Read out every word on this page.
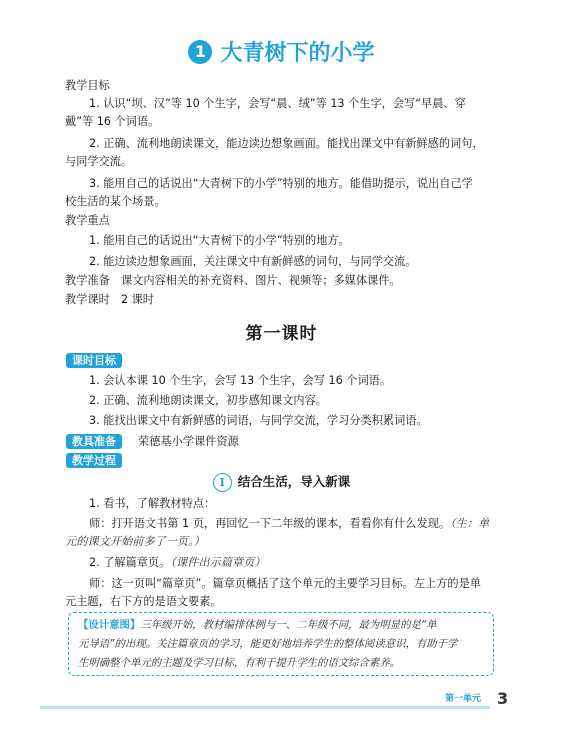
1 大青树下的小学
教学目标
1. 认识“坝、汉”等 10 个生字，会写“晨、绒”等 13 个生字，会写“早晨、穿
戴”等 16 个词语。
2. 正确、流利地朗读课文，能边读边想象画面。能找出课文中有新鲜感的词句，
与同学交流。
3. 能用自己的话说出“大青树下的小学”特别的地方。能借助提示，说出自己学
校生活的某个场景。
教学重点
1. 能用自己的话说出“大青树下的小学”特别的地方。
2. 能边读边想象画面，关注课文中有新鲜感的词句，与同学交流。
教学准备　课文内容相关的补充资料、图片、视频等；多媒体课件。
教学课时　2 课时
第一课时
课时目标
1. 会认本课 10 个生字，会写 13 个生字，会写 16 个词语。
2. 正确、流利地朗读课文，初步感知课文内容。
3. 能找出课文中有新鲜感的词语，与同学交流，学习分类积累词语。
教具准备	荣德基小学课件资源
教学过程
I 结合生活，导入新课
1. 看书，了解教材特点：
师：打开语文书第 1 页，再回忆一下二年级的课本，看看你有什么发现。（生：单
元的课文开始前多了一页。）
2. 了解篇章页。（课件出示篇章页）
师：这一页叫“篇章页”。篇章页概括了这个单元的主要学习目标。左上方的是单
元主题，右下方的是语文要素。
【设计意图】三年级开始，教材编排体例与一、二年级不同，最为明显的是“单
元导语”的出现。关注篇章页的学习，能更好地培养学生的整体阅读意识，有助于学
生明确整个单元的主题及学习目标，有利于提升学生的语文综合素养。
第一单元 3
